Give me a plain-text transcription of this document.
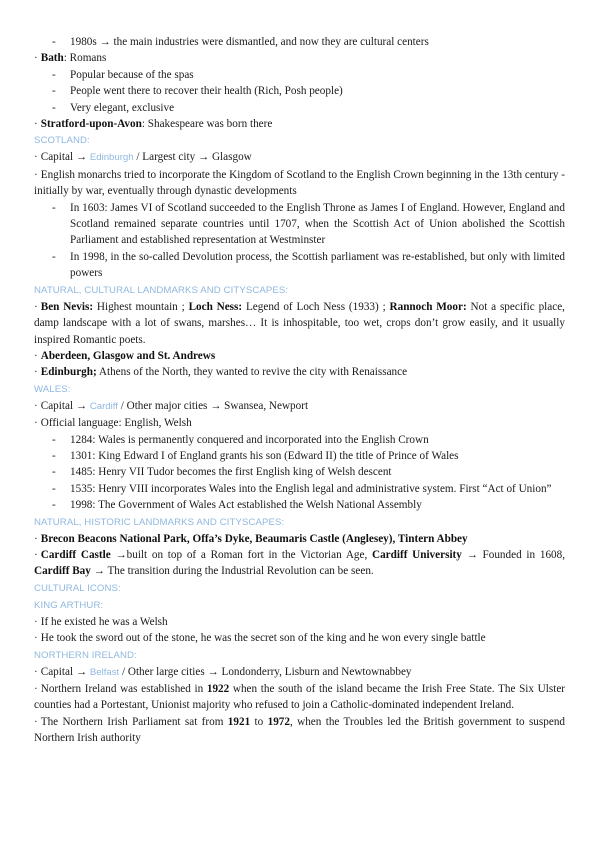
-	1980s → the main industries were dismantled, and now they are cultural centers
· Bath: Romans
-	Popular because of the spas
-	People went there to recover their health (Rich, Posh people)
-	Very elegant, exclusive
· Stratford-upon-Avon: Shakespeare was born there
SCOTLAND:
· Capital → Edinburgh / Largest city → Glasgow
· English monarchs tried to incorporate the Kingdom of Scotland to the English Crown beginning in the 13th century - initially by war, eventually through dynastic developments
-	In 1603: James VI of Scotland succeeded to the English Throne as James I of England. However, England and Scotland remained separate countries until 1707, when the Scottish Act of Union abolished the Scottish Parliament and established representation at Westminster
-	In 1998, in the so-called Devolution process, the Scottish parliament was re-established, but only with limited powers
NATURAL, CULTURAL LANDMARKS AND CITYSCAPES:
· Ben Nevis: Highest mountain ; Loch Ness: Legend of Loch Ness (1933) ; Rannoch Moor: Not a specific place, damp landscape with a lot of swans, marshes… It is inhospitable, too wet, crops don’t grow easily, and it usually inspired Romantic poets.
· Aberdeen, Glasgow and St. Andrews
· Edinburgh; Athens of the North, they wanted to revive the city with Renaissance
WALES:
· Capital → Cardiff / Other major cities → Swansea, Newport
· Official language: English, Welsh
-	1284: Wales is permanently conquered and incorporated into the English Crown
-	1301: King Edward I of England grants his son (Edward II) the title of Prince of Wales
-	1485: Henry VII Tudor becomes the first English king of Welsh descent
-	1535: Henry VIII incorporates Wales into the English legal and administrative system. First “Act of Union”
-	1998: The Government of Wales Act established the Welsh National Assembly
NATURAL, HISTORIC LANDMARKS AND CITYSCAPES:
· Brecon Beacons National Park, Offa’s Dyke, Beaumaris Castle (Anglesey), Tintern Abbey
· Cardiff Castle →built on top of a Roman fort in the Victorian Age, Cardiff University → Founded in 1608, Cardiff Bay → The transition during the Industrial Revolution can be seen.
CULTURAL ICONS:
KING ARTHUR:
· If he existed he was a Welsh
· He took the sword out of the stone, he was the secret son of the king and he won every single battle
NORTHERN IRELAND:
· Capital → Belfast / Other large cities → Londonderry, Lisburn and Newtownabbey
· Northern Ireland was established in 1922 when the south of the island became the Irish Free State. The Six Ulster counties had a Portestant, Unionist majority who refused to join a Catholic-dominated independent Ireland.
· The Northern Irish Parliament sat from 1921 to 1972, when the Troubles led the British government to suspend Northern Irish authority
